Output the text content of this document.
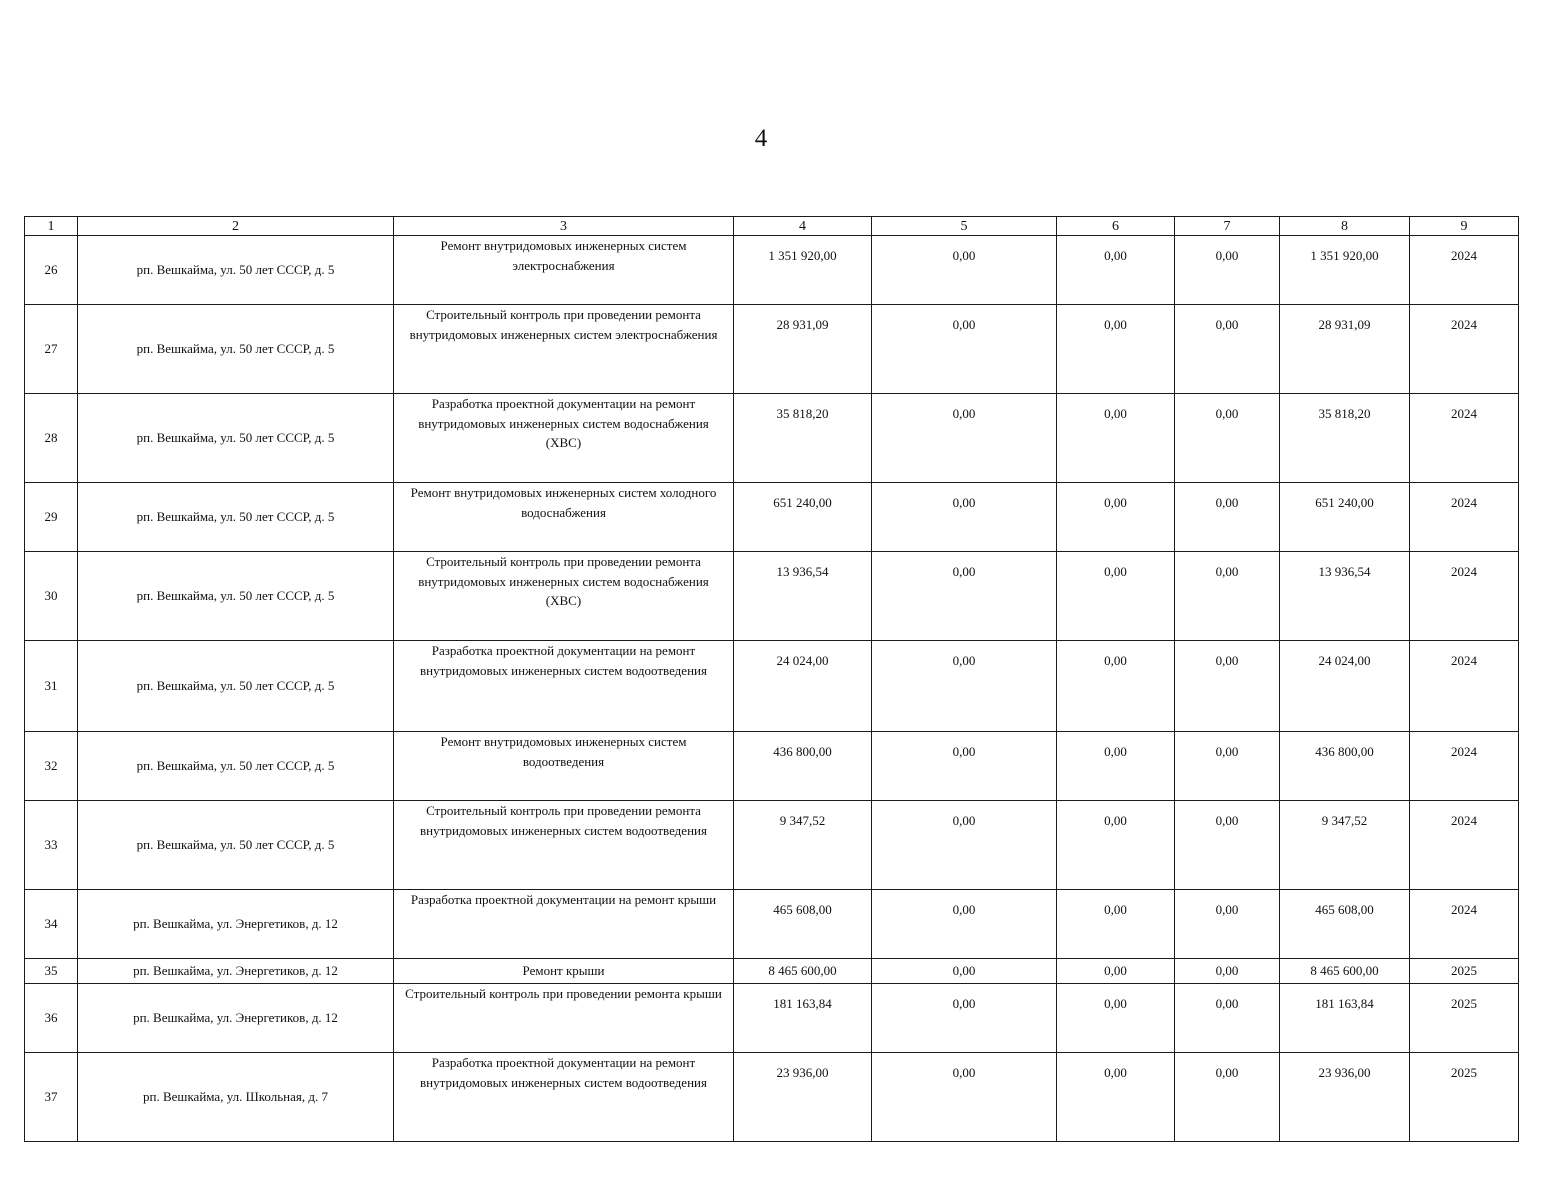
4
1	2	3	4	5	6	7	8	9
26	рп. Вешкайма, ул. 50 лет СССР, д. 5	Ремонт внутридомовых инженерных систем электроснабжения	1 351 920,00	0,00	0,00	0,00	1 351 920,00	2024
27	рп. Вешкайма, ул. 50 лет СССР, д. 5	Строительный контроль при проведении ремонта внутридомовых инженерных систем электроснабжения	28 931,09	0,00	0,00	0,00	28 931,09	2024
28	рп. Вешкайма, ул. 50 лет СССР, д. 5	Разработка проектной документации на ремонт внутридомовых инженерных систем водоснабжения (ХВС)	35 818,20	0,00	0,00	0,00	35 818,20	2024
29	рп. Вешкайма, ул. 50 лет СССР, д. 5	Ремонт внутридомовых инженерных систем холодного водоснабжения	651 240,00	0,00	0,00	0,00	651 240,00	2024
30	рп. Вешкайма, ул. 50 лет СССР, д. 5	Строительный контроль при проведении ремонта внутридомовых инженерных систем водоснабжения (ХВС)	13 936,54	0,00	0,00	0,00	13 936,54	2024
31	рп. Вешкайма, ул. 50 лет СССР, д. 5	Разработка проектной документации на ремонт внутридомовых инженерных систем водоотведения	24 024,00	0,00	0,00	0,00	24 024,00	2024
32	рп. Вешкайма, ул. 50 лет СССР, д. 5	Ремонт внутридомовых инженерных систем водоотведения	436 800,00	0,00	0,00	0,00	436 800,00	2024
33	рп. Вешкайма, ул. 50 лет СССР, д. 5	Строительный контроль при проведении ремонта внутридомовых инженерных систем водоотведения	9 347,52	0,00	0,00	0,00	9 347,52	2024
34	рп. Вешкайма, ул. Энергетиков, д. 12	Разработка проектной документации на ремонт крыши	465 608,00	0,00	0,00	0,00	465 608,00	2024
35	рп. Вешкайма, ул. Энергетиков, д. 12	Ремонт крыши	8 465 600,00	0,00	0,00	0,00	8 465 600,00	2025
36	рп. Вешкайма, ул. Энергетиков, д. 12	Строительный контроль при проведении ремонта крыши	181 163,84	0,00	0,00	0,00	181 163,84	2025
37	рп. Вешкайма, ул. Школьная, д. 7	Разработка проектной документации на ремонт внутридомовых инженерных систем водоотведения	23 936,00	0,00	0,00	0,00	23 936,00	2025
